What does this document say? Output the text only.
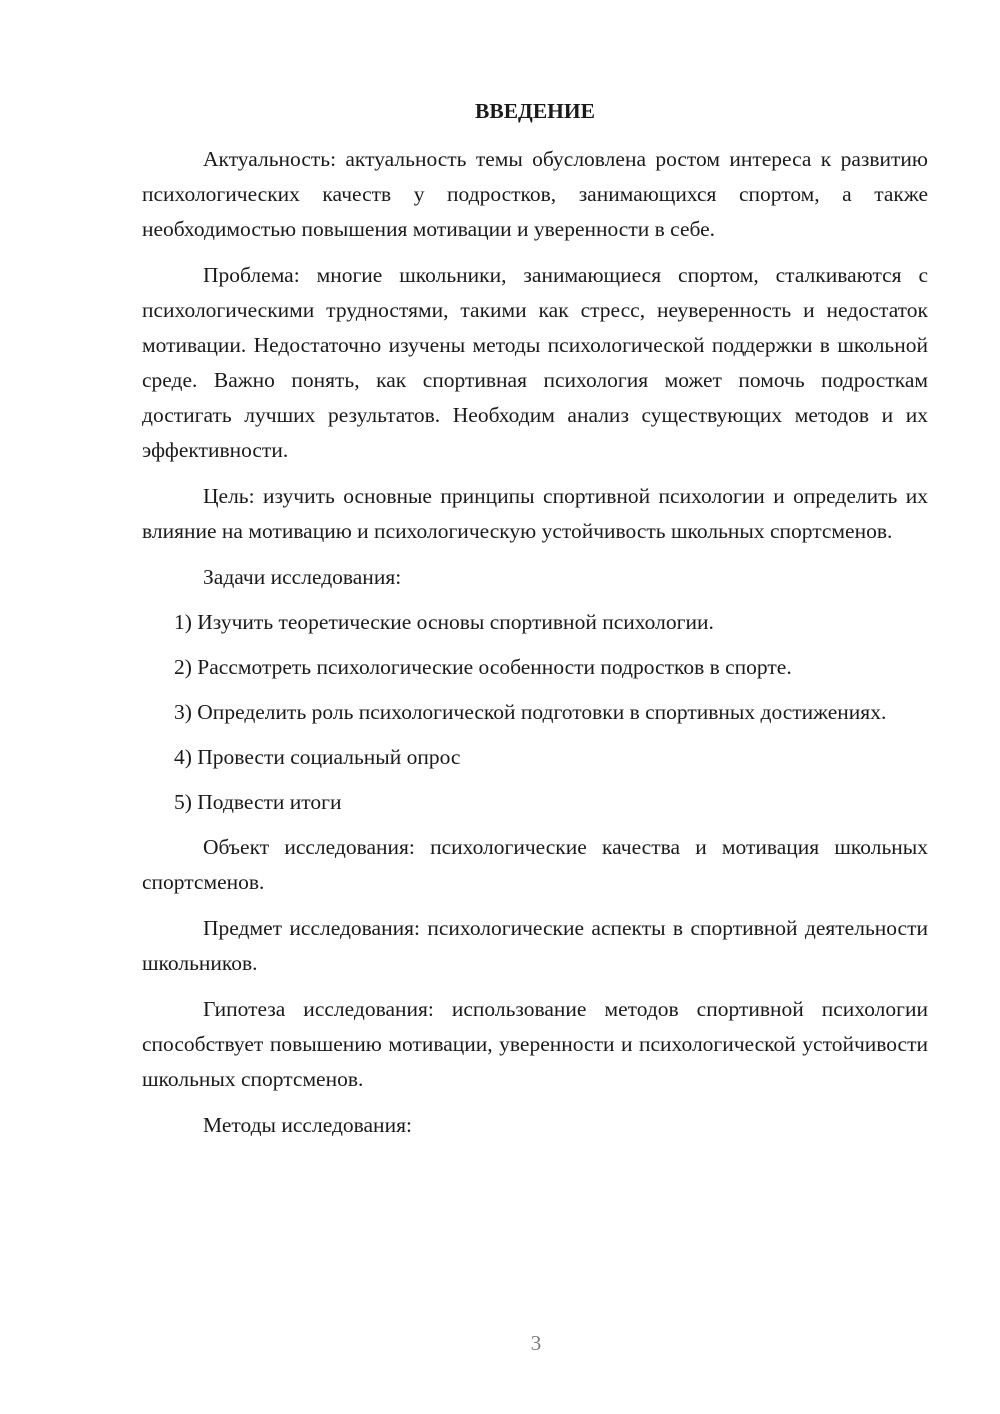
ВВЕДЕНИЕ

Актуальность: актуальность темы обусловлена ростом интереса к развитию психологических качеств у подростков, занимающихся спортом, а также необходимостью повышения мотивации и уверенности в себе.

Проблема: многие школьники, занимающиеся спортом, сталкиваются с психологическими трудностями, такими как стресс, неуверенность и недостаток мотивации. Недостаточно изучены методы психологической поддержки в школьной среде. Важно понять, как спортивная психология может помочь подросткам достигать лучших результатов. Необходим анализ существующих методов и их эффективности.

Цель: изучить основные принципы спортивной психологии и определить их влияние на мотивацию и психологическую устойчивость школьных спортсменов.

Задачи исследования:

1) Изучить теоретические основы спортивной психологии.

2) Рассмотреть психологические особенности подростков в спорте.

3) Определить роль психологической подготовки в спортивных достижениях.

4) Провести социальный опрос

5) Подвести итоги

Объект исследования: психологические качества и мотивация школьных спортсменов.

Предмет исследования: психологические аспекты в спортивной деятельности школьников.

Гипотеза исследования: использование методов спортивной психологии способствует повышению мотивации, уверенности и психологической устойчивости школьных спортсменов.

Методы исследования:

3
